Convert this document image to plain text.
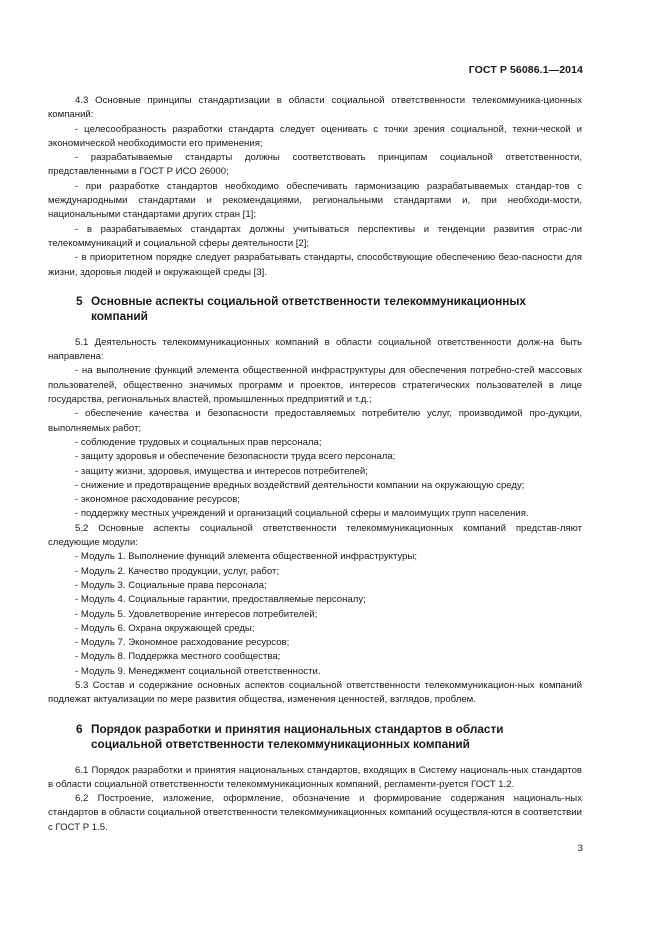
ГОСТ Р 56086.1—2014

4.3 Основные принципы стандартизации в области социальной ответственности телекоммуника-ционных компаний:

- целесообразность разработки стандарта следует оценивать с точки зрения социальной, техни-ческой и экономической необходимости его применения;

- разрабатываемые стандарты должны соответствовать принципам социальной ответственности, представленными в ГОСТ Р ИСО 26000;

- при разработке стандартов необходимо обеспечивать гармонизацию разрабатываемых стандар-тов с международными стандартами и рекомендациями, региональными стандартами и, при необходи-мости, национальными стандартами других стран [1];

- в разрабатываемых стандартах должны учитываться перспективы и тенденции развития отрас-ли телекоммуникаций и социальной сферы деятельности [2];

- в приоритетном порядке следует разрабатывать стандарты, способствующие обеспечению безо-пасности для жизни, здоровья людей и окружающей среды [3].

5 Основные аспекты социальной ответственности телекоммуникационных
компаний

5.1 Деятельность телекоммуникационных компаний в области социальной ответственности долж-на быть направлена:

- на выполнение функций элемента общественной инфраструктуры для обеспечения потребно-стей массовых пользователей, общественно значимых программ и проектов, интересов стратегических пользователей в лице государства, региональных властей, промышленных предприятий и т.д.;

- обеспечение качества и безопасности предоставляемых потребителю услуг, производимой про-дукции, выполняемых работ;

- соблюдение трудовых и социальных прав персонала;

- защиту здоровья и обеспечение безопасности труда всего персонала;

- защиту жизни, здоровья, имущества и интересов потребителей;

- снижение и предотвращение вредных воздействий деятельности компании на окружающую среду;

- экономное расходование ресурсов;

- поддержку местных учреждений и организаций социальной сферы и малоимущих групп населения.

5.2 Основные аспекты социальной ответственности телекоммуникационных компаний представ-ляют следующие модули:

- Модуль 1. Выполнение функций элемента общественной инфраструктуры;

- Модуль 2. Качество продукции, услуг, работ;

- Модуль 3. Социальные права персонала;

- Модуль 4. Социальные гарантии, предоставляемые персоналу;

- Модуль 5. Удовлетворение интересов потребителей;

- Модуль 6. Охрана окружающей среды;

- Модуль 7. Экономное расходование ресурсов;

- Модуль 8. Поддержка местного сообщества;

- Модуль 9. Менеджмент социальной ответственности.

5.3 Состав и содержание основных аспектов социальной ответственности телекоммуникацион-ных компаний подлежат актуализации по мере развития общества, изменения ценностей, взглядов, проблем.

6 Порядок разработки и принятия национальных стандартов в области
социальной ответственности телекоммуникационных компаний

6.1 Порядок разработки и принятия национальных стандартов, входящих в Систему националь-ных стандартов в области социальной ответственности телекоммуникационных компаний, регламенти-руется ГОСТ 1.2.

6.2 Построение, изложение, оформление, обозначение и формирование содержания националь-ных стандартов в области социальной ответственности телекоммуникационных компаний осуществля-ются в соответствии с ГОСТ Р 1.5.

3
